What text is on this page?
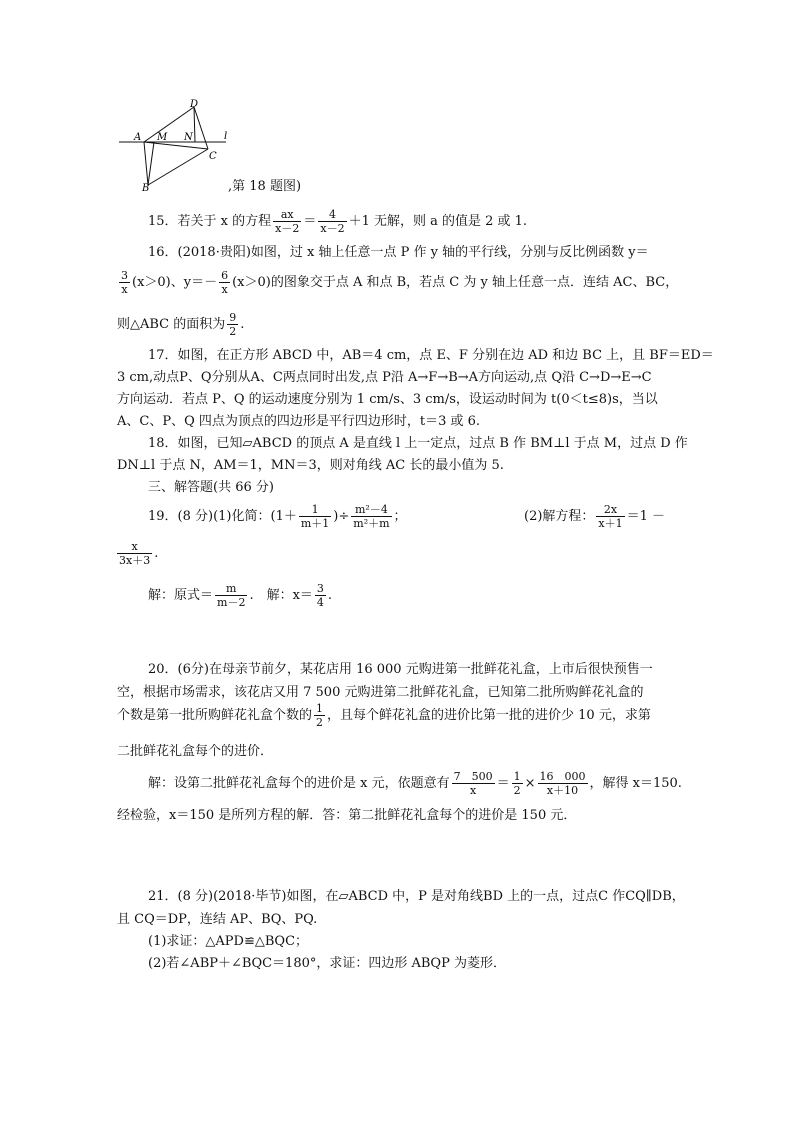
D
A M N	l
C
B	,第 18 题图)
15．若关于 x 的方程 $\frac{ax}{x-2} = \frac{4}{x-2} +1$ 无解，则 a 的值是 2 或 1.
16．(2018·贵阳)如图，过 x 轴上任意一点 P 作 y 轴的平行线，分别与反比例函数 y＝
$\frac{3}{x} (x>0)$、$y=- \frac{6}{x} (x>0)$的图象交于点 A 和点 B，若点 C 为 y 轴上任意一点．连结 AC、BC，
则△ABC 的面积为 $\frac{9}{2}$ .
17．如图，在正方形 ABCD 中，AB＝4 cm，点 E、F 分别在边 AD 和边 BC 上，且 BF＝ED＝
3 cm,动点P、Q分别从A、C两点同时出发,点 P沿 A→F→B→A方向运动,点 Q沿 C→D→E→C
方向运动．若点 P、Q 的运动速度分别为 1 cm/s、3 cm/s，设运动时间为 t(0＜t≤8)s，当以
A、C、P、Q 四点为顶点的四边形是平行四边形时，t＝3 或 6.
18．如图，已知▱ABCD 的顶点 A 是直线 l 上一定点，过点 B 作 BM⊥l 于点 M，过点 D 作
DN⊥l 于点 N，AM＝1，MN＝3，则对角线 AC 长的最小值为 5.
三、解答题(共 66 分)
19．(8 分)(1)化简：($1+ \frac{1}{m+1}$ )÷ $\frac{\text{m²－4}}{\text{m²＋m}}$ ；	(2)解方程： $\frac{2x}{x+1} =1$ －
$\frac{x}{3x+3}$ .
解：原式＝ $\frac{m}{m-2}$ .　解：$x= \frac{3}{4}$ .
20．(6分)在母亲节前夕，某花店用 16 000 元购进第一批鲜花礼盒，上市后很快预售一
空，根据市场需求，该花店又用 7 500 元购进第二批鲜花礼盒，已知第二批所购鲜花礼盒的
个数是第一批所购鲜花礼盒个数的 $\frac{1}{2}$ ，且每个鲜花礼盒的进价比第一批的进价少 10 元，求第
二批鲜花礼盒每个的进价．
解：设第二批鲜花礼盒每个的进价是 x 元，依题意有 $\frac{7 500}{x} = \frac{1}{2} \times \frac{16 000}{x+10}$ ，解得 x＝150.
经检验，x＝150 是所列方程的解．答：第二批鲜花礼盒每个的进价是 150 元．
21．(8 分)(2018·毕节)如图，在▱ABCD 中，P 是对角线BD 上的一点，过点C 作CQ∥DB，
且 CQ＝DP，连结 AP、BQ、PQ.
(1)求证：△APD≌△BQC；
(2)若∠ABP＋∠BQC＝180°，求证：四边形 ABQP 为菱形．
